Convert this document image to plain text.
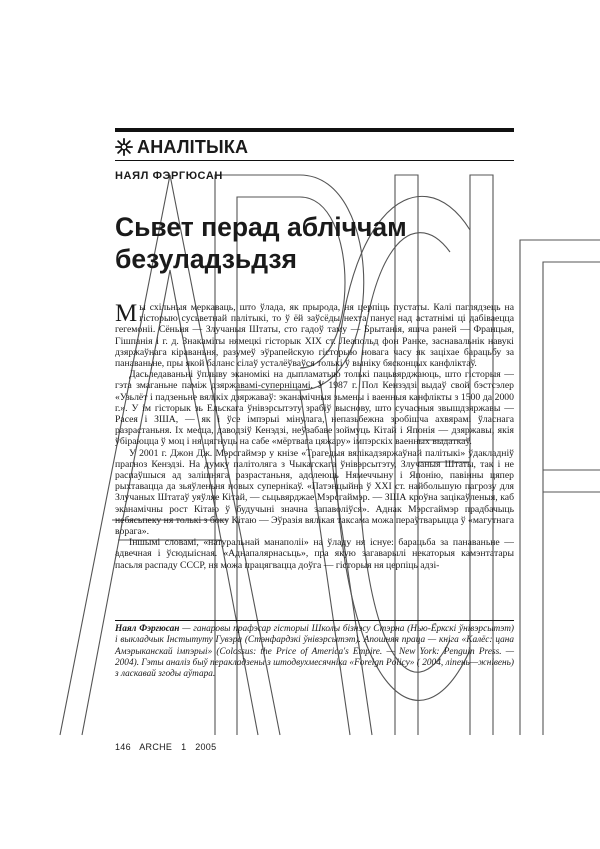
АНАЛІТЫКА
НАЯЛ ФЭРГЮСАН
Сьвет перад абліччам
безуладзьдзя

Мы схільныя меркаваць, што ўлада, як прырода, ня церпіць пустаты. Калі паглядзець на гісторыю сусьветнай палітыкі, то ў ёй заўсёды нехта панує над астатнімі ці дабіваецца гегемоніі. Сёньня — Злучаныя Штаты, сто гадоў таму — Брытанія, яшча раней — Францыя, Гішпанія і г. д. Знакаміты нямецкі гісторык XIX ст. Леапольд фон Ранке, заснавальнік навукі дзяржаўнага кіраваньня, разумеў эўрапейскую гісторыю новага часу як заціхае барацьбу за панаваньне, пры якой баланс сілаў усталёўваўся толькі ў выніку бясконцых канфліктаў.

Дасьледаваньні ўплыву эканомікі на дыпламатыю толькі пацьвярджаюць, што гісторыя — гэта змаганьне паміж дзяржавамі-суперніцамі. У 1987 г. Пол Кензэдзі выдаў свой бэстсэлер «Узьлёт і падзеньне вялікіх дзяржаваў: эканамічныя зьмены і ваенныя канфлікты з 1500 да 2000 г.». У ім гісторык зь Ельскага ўнівэрсытэту зрабіў выснову, што сучасныя звышдзяржавы — Расея і ЗША, — як і ўсе імпэрыі мінулага, непазьбежна зробішча ахвярамі ўласнага разрастаньня. Іх месца, даводзіў Кенэдзі, неўзабаве зоймуць Кітай і Японія — дзяржавы, якія ўбіраюцца ў моц і ня цягнуць на сабе «мёртвага цяжару» імпэрскіх ваенных выдаткаў.

У 2001 г. Джон Дж. Мэрсгаймэр у кнізе «Трагедыя вялікадзяржаўнай палітыкі» ўдакладніў прагноз Кенэдзі. На думку палітоляга з Чыкагскага ўнівэрсытэту, Злучаныя Штаты, так і не распаўшыся ад залішняга разрастаньня, адолеюць Нямеччыну і Японію, павінны цяпер рыхтавацца да зьяўленьня новых супернікаў. «Патэнцыйна ў XXI ст. найбольшую пагрозу для Злучаных Штатаў уяўляе Кітай, — сьцьвярджае Мэрсгаймэр. — ЗША кроўна зацікаўленыя, каб эканамічны рост Кітаю ў будучыні значна запаволіўся». Аднак Мэрсгаймэр прадбачыць небясьпеку ня толькі з боку Кітаю — Эўразія вялікая таксама можа пераўтварыцца ў «магутнага ворага».

Іншымі словамі, «натуральнай манаполіі» на ўладу ня існуе: барацьба за панаваньне — адвечная і ўсюдыісная. «Аднапалярнасьць», пра якую загаварылі некаторыя камэнтатары пасьля распаду СССР, ня можа працягвацца доўга — гісторыя ня церпіць адзі-

Наял Фэргюсан — ганаровы прафэсар гісторыі Школы бізнэсу Стэрна (Нью-Ёркскі ўнівэрсытэт) і выкладчык Інстытуту Гувэра (Стэнфардзкі ўнівэрсытэт). Апошняя праца — кніга «Калёс: цана Амэрыканскай імпэрыі» (Colossus: the Price of America's Empire. — New York: Penguin Press. — 2004). Гэты аналіз быў перакладзены з штодвухмесячніка «Foreign Policy» ( 2004, ліпень—жнівень) з ласкавай згоды аўтара.
146 ARCHE 1 2005
